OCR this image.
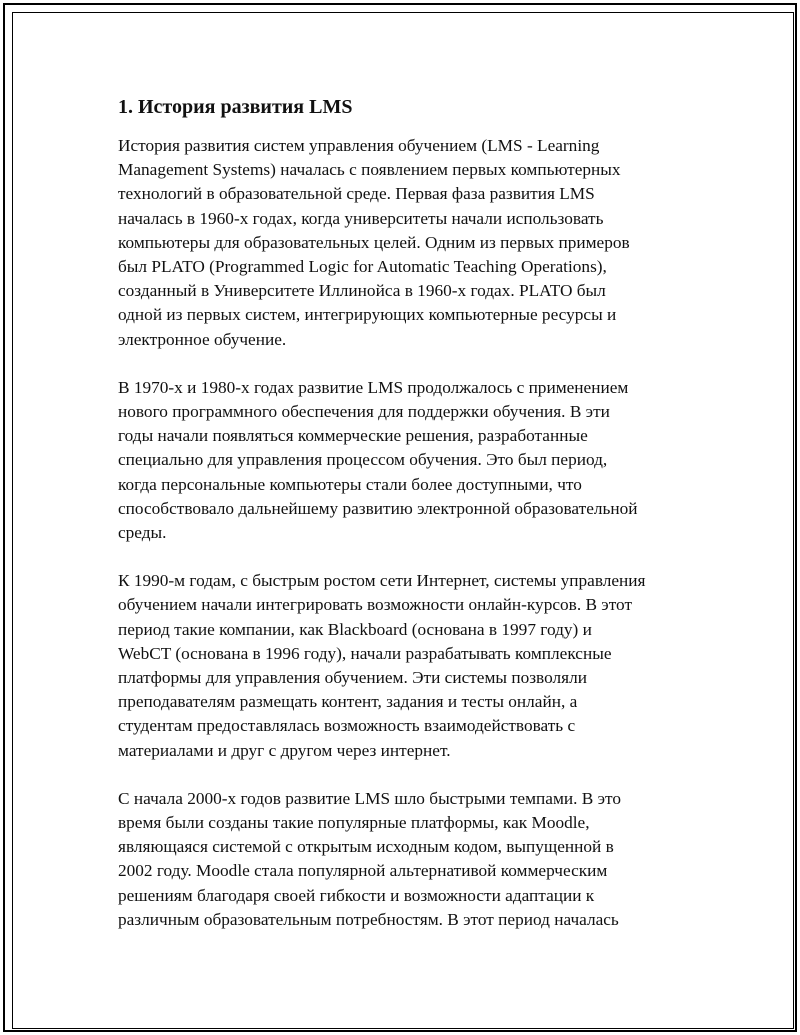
1. История развития LMS

История развития систем управления обучением (LMS - Learning
Management Systems) началась с появлением первых компьютерных
технологий в образовательной среде. Первая фаза развития LMS
началась в 1960-х годах, когда университеты начали использовать
компьютеры для образовательных целей. Одним из первых примеров
был PLATO (Programmed Logic for Automatic Teaching Operations),
созданный в Университете Иллинойса в 1960-х годах. PLATO был
одной из первых систем, интегрирующих компьютерные ресурсы и
электронное обучение.

В 1970-х и 1980-х годах развитие LMS продолжалось с применением
нового программного обеспечения для поддержки обучения. В эти
годы начали появляться коммерческие решения, разработанные
специально для управления процессом обучения. Это был период,
когда персональные компьютеры стали более доступными, что
способствовало дальнейшему развитию электронной образовательной
среды.

К 1990-м годам, с быстрым ростом сети Интернет, системы управления
обучением начали интегрировать возможности онлайн-курсов. В этот
период такие компании, как Blackboard (основана в 1997 году) и
WebCT (основана в 1996 году), начали разрабатывать комплексные
платформы для управления обучением. Эти системы позволяли
преподавателям размещать контент, задания и тесты онлайн, а
студентам предоставлялась возможность взаимодействовать с
материалами и друг с другом через интернет.

С начала 2000-х годов развитие LMS шло быстрыми темпами. В это
время были созданы такие популярные платформы, как Moodle,
являющаяся системой с открытым исходным кодом, выпущенной в
2002 году. Moodle стала популярной альтернативой коммерческим
решениям благодаря своей гибкости и возможности адаптации к
различным образовательным потребностям. В этот период началась
